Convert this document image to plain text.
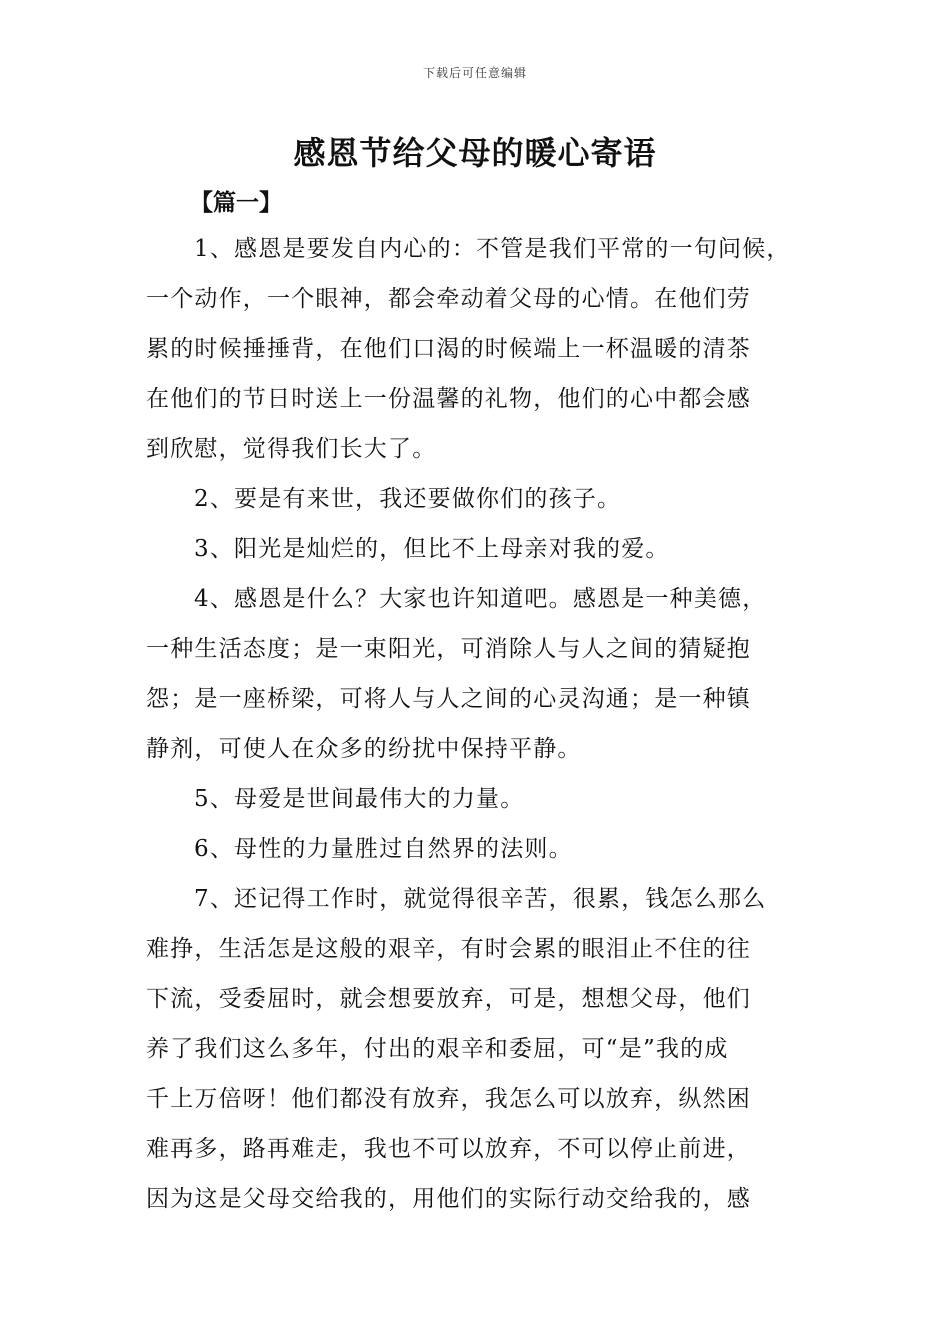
下载后可任意编辑
感恩节给父母的暖心寄语
【篇一】

1、感恩是要发自内心的：不管是我们平常的一句问候，
一个动作，一个眼神，都会牵动着父母的心情。在他们劳
累的时候捶捶背，在他们口渴的时候端上一杯温暖的清茶
在他们的节日时送上一份温馨的礼物，他们的心中都会感
到欣慰，觉得我们长大了。

2、要是有来世，我还要做你们的孩子。

3、阳光是灿烂的，但比不上母亲对我的爱。

4、感恩是什么？大家也许知道吧。感恩是一种美德，
一种生活态度；是一束阳光，可消除人与人之间的猜疑抱
怨；是一座桥梁，可将人与人之间的心灵沟通；是一种镇
静剂，可使人在众多的纷扰中保持平静。

5、母爱是世间最伟大的力量。

6、母性的力量胜过自然界的法则。

7、还记得工作时，就觉得很辛苦，很累，钱怎么那么
难挣，生活怎是这般的艰辛，有时会累的眼泪止不住的往
下流，受委屈时，就会想要放弃，可是，想想父母，他们
养了我们这么多年，付出的艰辛和委屈，可“是”我的成
千上万倍呀！他们都没有放弃，我怎么可以放弃，纵然困
难再多，路再难走，我也不可以放弃，不可以停止前进，
因为这是父母交给我的，用他们的实际行动交给我的，感
